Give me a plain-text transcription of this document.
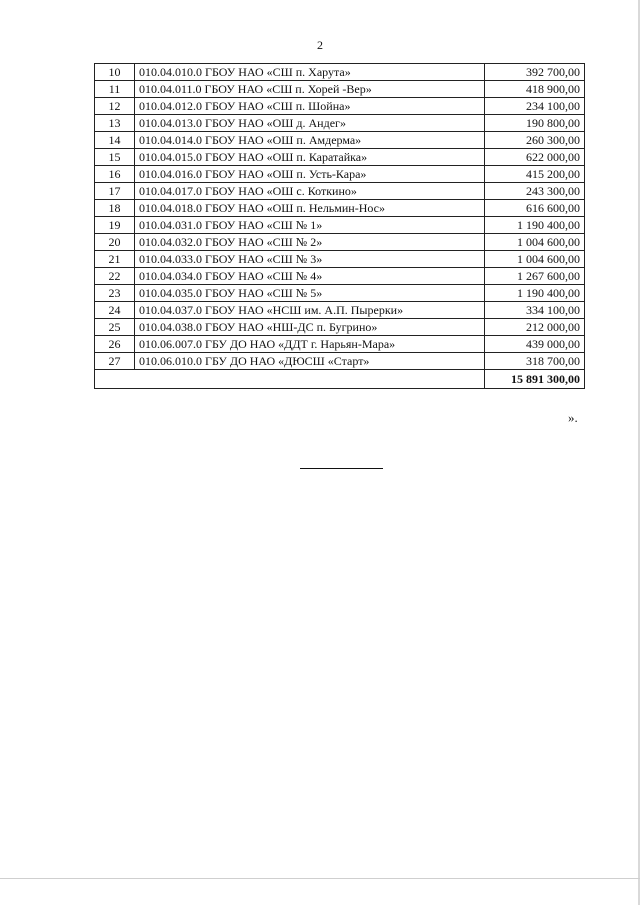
2
10	010.04.010.0 ГБОУ НАО «СШ п. Харута»	392 700,00
11	010.04.011.0 ГБОУ НАО «СШ п. Хорей -Вер»	418 900,00
12	010.04.012.0 ГБОУ НАО «СШ п. Шойна»	234 100,00
13	010.04.013.0 ГБОУ НАО «ОШ д. Андег»	190 800,00
14	010.04.014.0 ГБОУ НАО «ОШ п. Амдерма»	260 300,00
15	010.04.015.0 ГБОУ НАО «ОШ п. Каратайка»	622 000,00
16	010.04.016.0 ГБОУ НАО «ОШ п. Усть-Кара»	415 200,00
17	010.04.017.0 ГБОУ НАО «ОШ с. Коткино»	243 300,00
18	010.04.018.0 ГБОУ НАО «ОШ п. Нельмин-Нос»	616 600,00
19	010.04.031.0 ГБОУ НАО «СШ № 1»	1 190 400,00
20	010.04.032.0 ГБОУ НАО «СШ № 2»	1 004 600,00
21	010.04.033.0 ГБОУ НАО «СШ № 3»	1 004 600,00
22	010.04.034.0 ГБОУ НАО «СШ № 4»	1 267 600,00
23	010.04.035.0 ГБОУ НАО «СШ № 5»	1 190 400,00
24	010.04.037.0 ГБОУ НАО «НСШ им. А.П. Пырерки»	334 100,00
25	010.04.038.0 ГБОУ НАО «НШ-ДС п. Бугрино»	212 000,00
26	010.06.007.0 ГБУ ДО НАО «ДДТ г. Нарьян-Мара»	439 000,00
27	010.06.010.0 ГБУ ДО НАО «ДЮСШ «Старт»	318 700,00
		15 891 300,00
».
